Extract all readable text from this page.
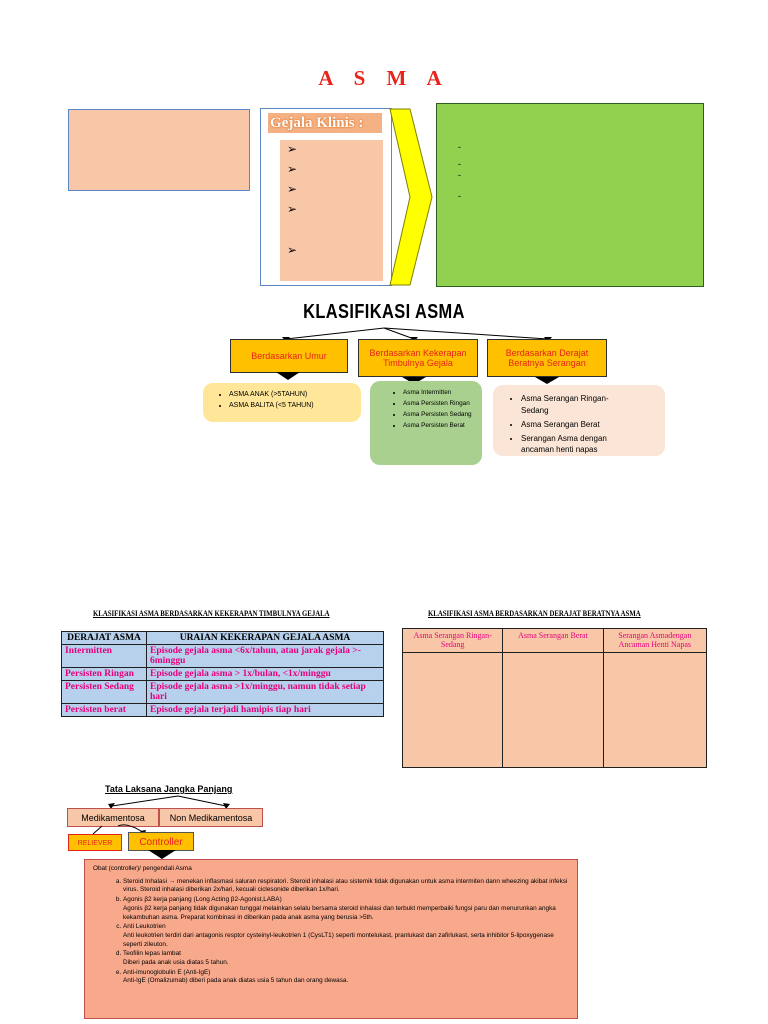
A S M A
Gejala Klinis :
➢
➢
➢
➢
➢
-
-
-
-
KLASIFIKASI ASMA
Berdasarkan Umur	Berdasarkan Kekerapan Timbulnya Gejala
Berdasarkan Derajat Beratnya Serangan
• ASMA ANAK (>5TAHUN)
• ASMA BALITA (<5 TAHUN)
• Asma Intermitten
• Asma Persisten Ringan
• Asma Persisten Sedang
• Asma Persisten Berat
• Asma Serangan Ringan-Sedang
• Asma Serangan Berat
• Serangan Asma dengan ancaman henti napas
KLASIFIKASI ASMA BERDASARKAN KEKERAPAN TIMBULNYA GEJALA
DERAJAT ASMA	URAIAN KEKERAPAN GEJALA ASMA
Intermitten	Episode gejala asma <6x/tahun, atau jarak gejala >- 6minggu
Persisten Ringan	Episode gejala asma > 1x/bulan, <1x/minggu
Persisten Sedang	Episode gejala asma >1x/minggu, namun tidak setiap hari
Persisten berat	Episode gejala terjadi hamipis tiap hari
KLASIFIKASI ASMA BERDASARKAN DERAJAT BERATNYA ASMA
Asma Serangan Ringan-Sedang	Asma Serangan Berat	Serangan Asmadengan Ancaman Henti Napas

Tata Laksana Jangka Panjang
Medikamentosa	Non Medikamentosa
RELIEVER	Controller
Obat (controller)/ pengendali Asma
a. Steroid Inhalasi → menekan inflasmasi saluran respiratori. Steroid inhalasi atau sistemik tidak digunakan untuk asma intermiten dann wheezing akibat infeksi virus. Steroid inhalasi diberikan 2x/hari, kecuali ciclesonide diberikan 1x/hari.
b. Agonis β2 kerja panjang (Long Acting β2-Agonist,LABA)
Agonis β2 kerja panjang tidak digunakan tunggal melainkan selalu bersama steroid inhalasi dan terbukt memperbaiki fungsi paru dan menurunkan angka kekambuhan asma. Preparat kombinasi in diberikan pada anak asma yang berusia >5th.
c. Anti Leukotrien
Anti leukotrien terdiri dari antagonis resptor cysteinyl-leukotrien 1 (CysLT1) seperti montelukast, pranlukast dan zafirlukast, serta inhibitor 5-lipoxygenase seperti zileuton.
d. Teofilin lepas lambat
Diberi pada anak usia diatas 5 tahun.
e. Anti-imunoglobulin E (Anti-IgE)
Anti-IgE (Omalizumab) diberi pada anak diatas usia 5 tahun dan orang dewasa.
